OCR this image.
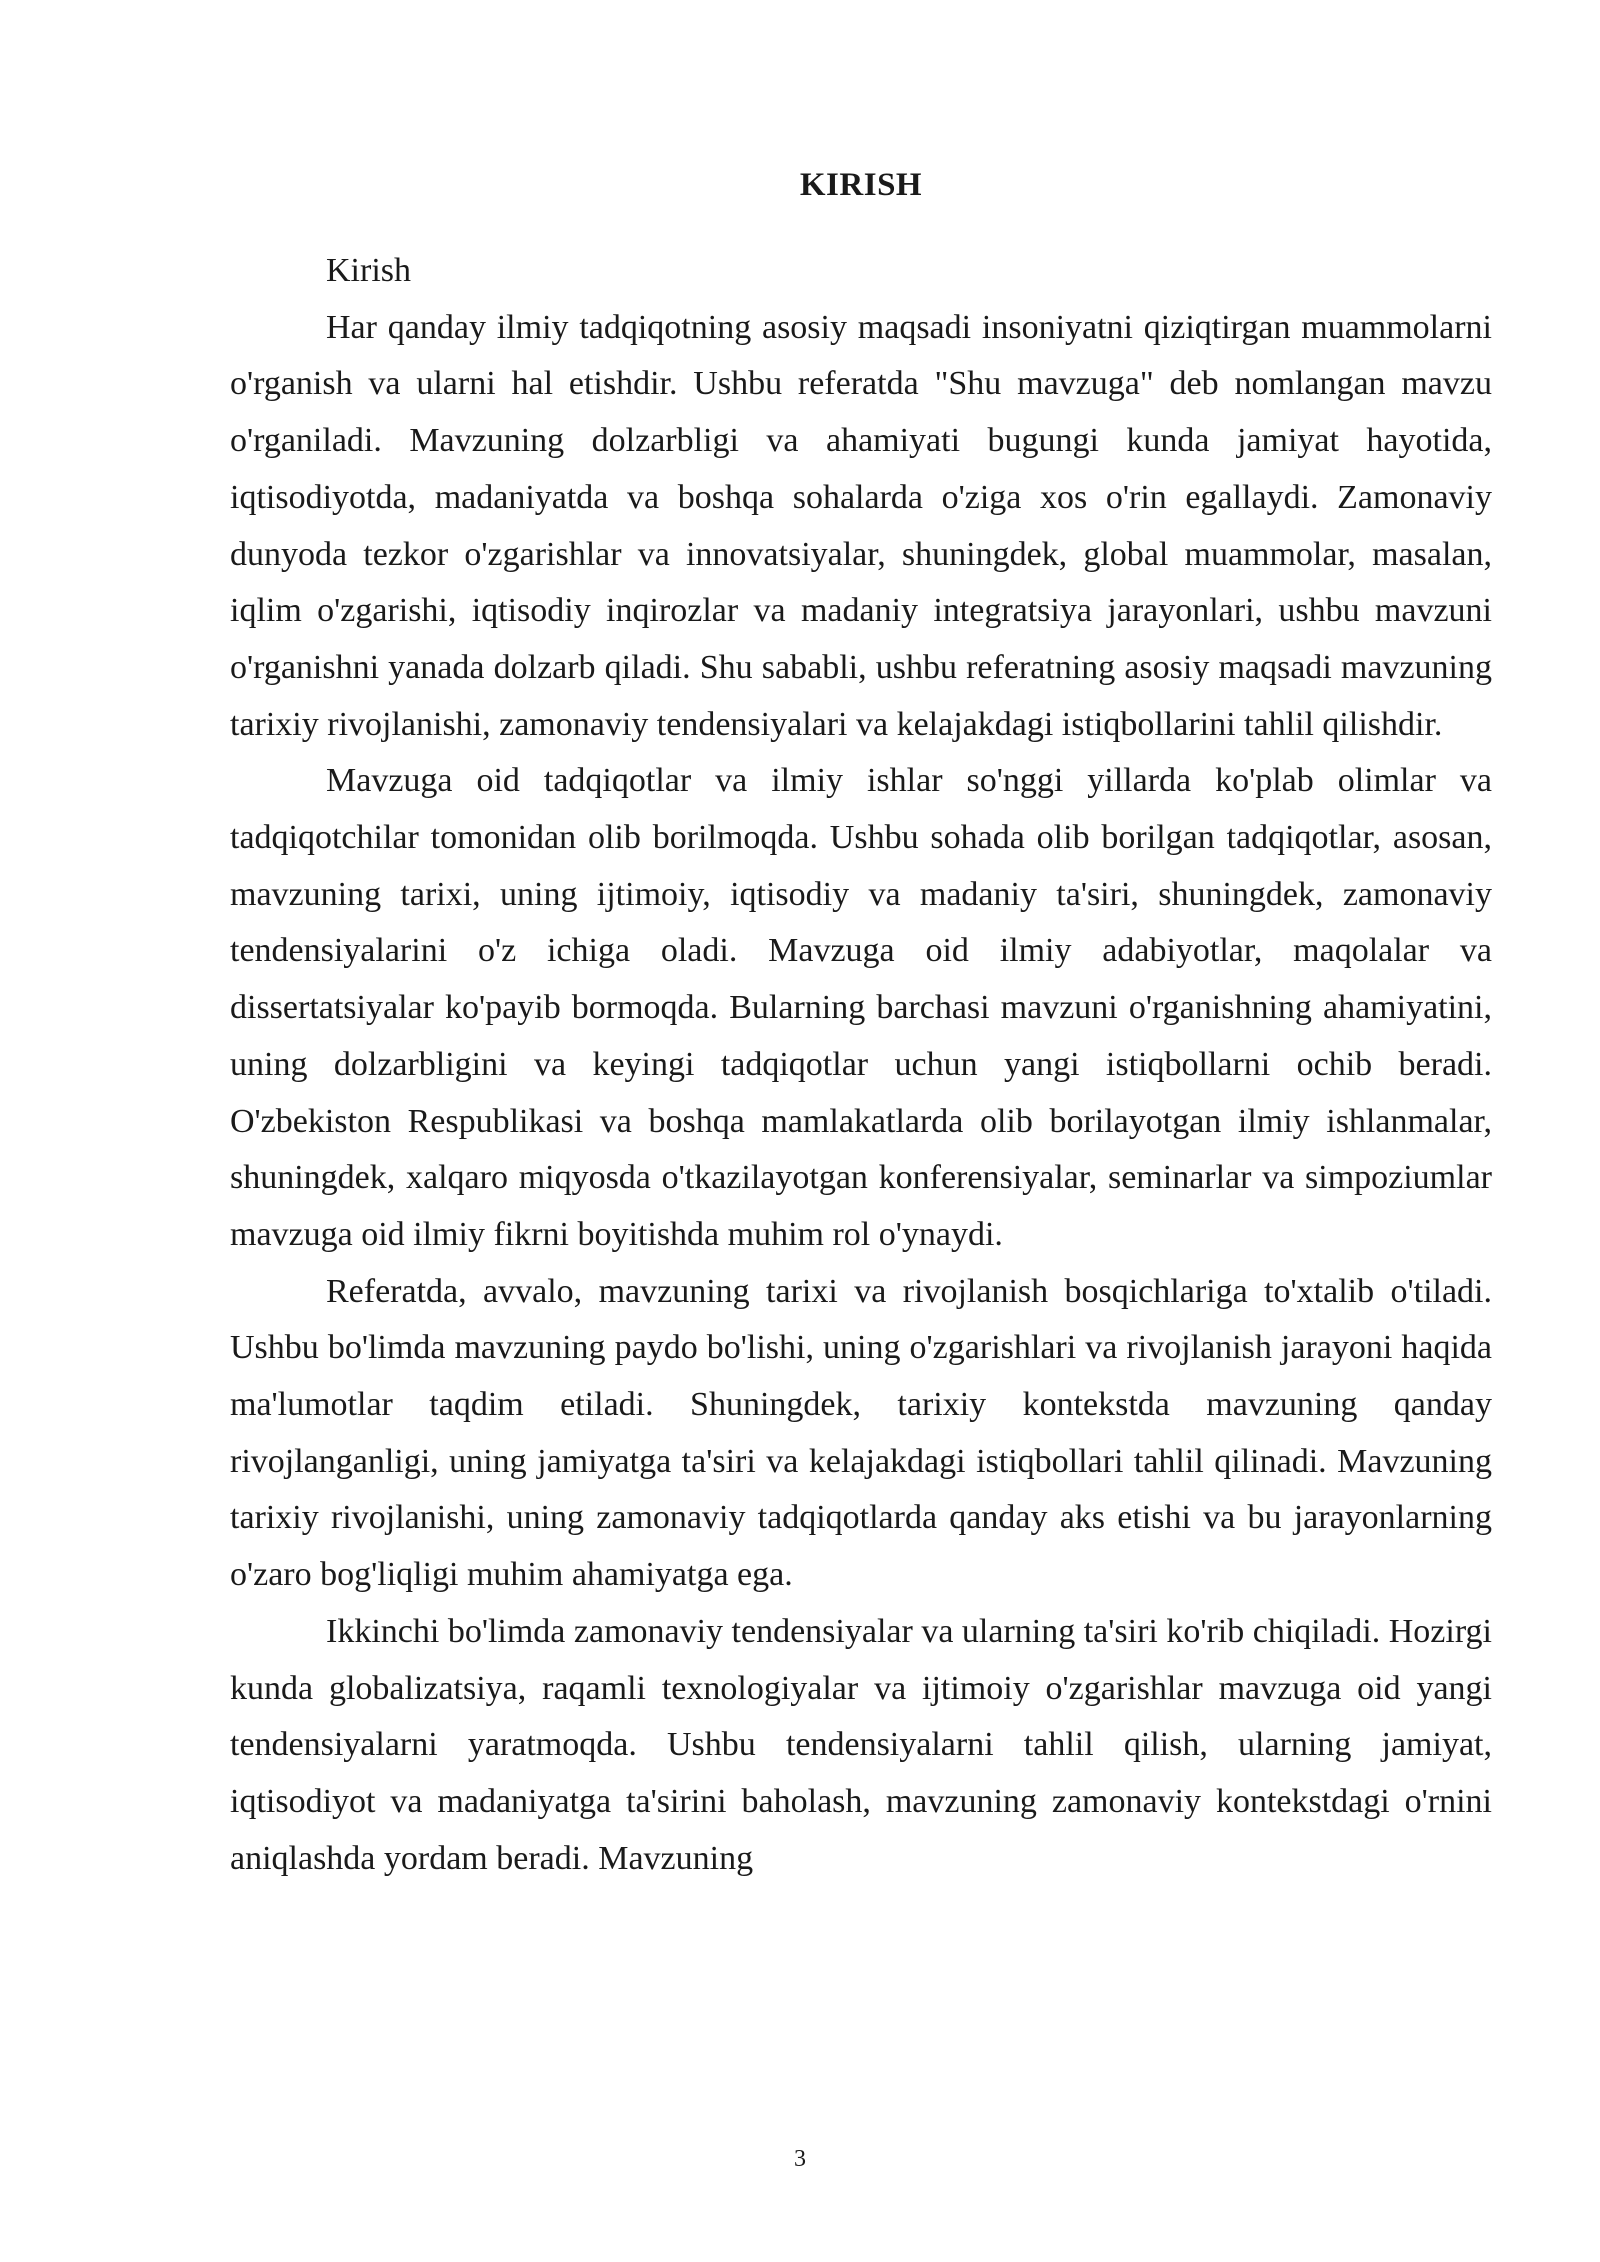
KIRISH

Kirish

Har qanday ilmiy tadqiqotning asosiy maqsadi insoniyatni qiziqtirgan muammolarni o'rganish va ularni hal etishdir. Ushbu referatda "Shu mavzuga" deb nomlangan mavzu o'rganiladi. Mavzuning dolzarbligi va ahamiyati bugungi kunda jamiyat hayotida, iqtisodiyotda, madaniyatda va boshqa sohalarda o'ziga xos o'rin egallaydi. Zamonaviy dunyoda tezkor o'zgarishlar va innovatsiyalar, shuningdek, global muammolar, masalan, iqlim o'zgarishi, iqtisodiy inqirozlar va madaniy integratsiya jarayonlari, ushbu mavzuni o'rganishni yanada dolzarb qiladi. Shu sababli, ushbu referatning asosiy maqsadi mavzuning tarixiy rivojlanishi, zamonaviy tendensiyalari va kelajakdagi istiqbollarini tahlil qilishdir.

Mavzuga oid tadqiqotlar va ilmiy ishlar so'nggi yillarda ko'plab olimlar va tadqiqotchilar tomonidan olib borilmoqda. Ushbu sohada olib borilgan tadqiqotlar, asosan, mavzuning tarixi, uning ijtimoiy, iqtisodiy va madaniy ta'siri, shuningdek, zamonaviy tendensiyalarini o'z ichiga oladi. Mavzuga oid ilmiy adabiyotlar, maqolalar va dissertatsiyalar ko'payib bormoqda. Bularning barchasi mavzuni o'rganishning ahamiyatini, uning dolzarbligini va keyingi tadqiqotlar uchun yangi istiqbollarni ochib beradi. O'zbekiston Respublikasi va boshqa mamlakatlarda olib borilayotgan ilmiy ishlanmalar, shuningdek, xalqaro miqyosda o'tkazilayotgan konferensiyalar, seminarlar va simpoziumlar mavzuga oid ilmiy fikrni boyitishda muhim rol o'ynaydi.

Referatda, avvalo, mavzuning tarixi va rivojlanish bosqichlariga to'xtalib o'tiladi. Ushbu bo'limda mavzuning paydo bo'lishi, uning o'zgarishlari va rivojlanish jarayoni haqida ma'lumotlar taqdim etiladi. Shuningdek, tarixiy kontekstda mavzuning qanday rivojlanganligi, uning jamiyatga ta'siri va kelajakdagi istiqbollari tahlil qilinadi. Mavzuning tarixiy rivojlanishi, uning zamonaviy tadqiqotlarda qanday aks etishi va bu jarayonlarning o'zaro bog'liqligi muhim ahamiyatga ega.

Ikkinchi bo'limda zamonaviy tendensiyalar va ularning ta'siri ko'rib chiqiladi. Hozirgi kunda globalizatsiya, raqamli texnologiyalar va ijtimoiy o'zgarishlar mavzuga oid yangi tendensiyalarni yaratmoqda. Ushbu tendensiyalarni tahlil qilish, ularning jamiyat, iqtisodiyot va madaniyatga ta'sirini baholash, mavzuning zamonaviy kontekstdagi o'rnini aniqlashda yordam beradi. Mavzuning

3
